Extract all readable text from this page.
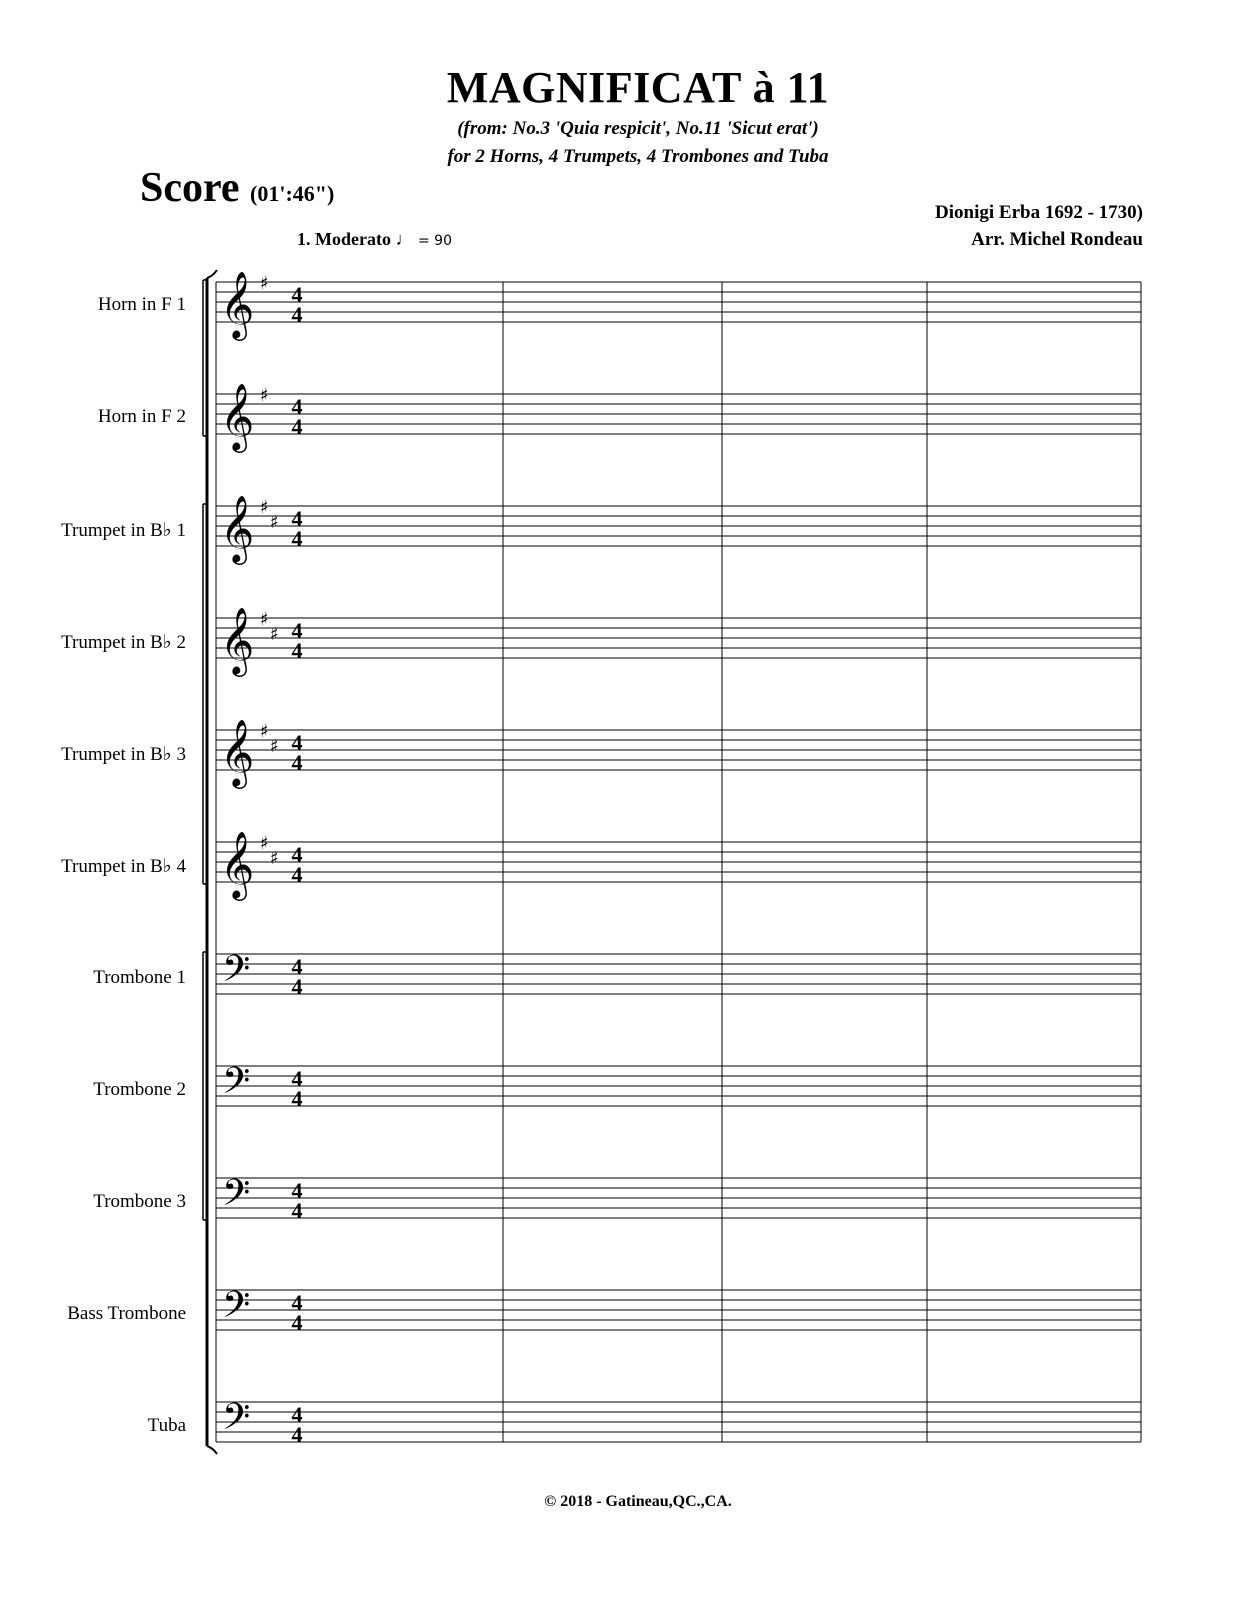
MAGNIFICAT à 11
(from: No.3 'Quia respicit', No.11 'Sicut erat')
for 2 Horns, 4 Trumpets, 4 Trombones and Tuba
Score (01':46")
Dionigi Erba 1692 - 1730)
Arr. Michel Rondeau
1. Moderato ♩ = 90
Horn in F 1
Horn in F 2
Trumpet in B♭ 1
Trumpet in B♭ 2
Trumpet in B♭ 3
Trumpet in B♭ 4
Trombone 1
Trombone 2
Trombone 3
Bass Trombone
Tuba
𝄞 ♯ 4
4
𝄞 ♯ 4
4
𝄞 ♯
♯ 4
4
𝄞 ♯
♯ 4
4
𝄞 ♯
♯ 4
4
𝄞 ♯
♯ 4
4
𝄢 4
4
𝄢 4
4
𝄢 4
4
𝄢 4
4
𝄢 4
4
© 2018 - Gatineau,QC.,CA.
